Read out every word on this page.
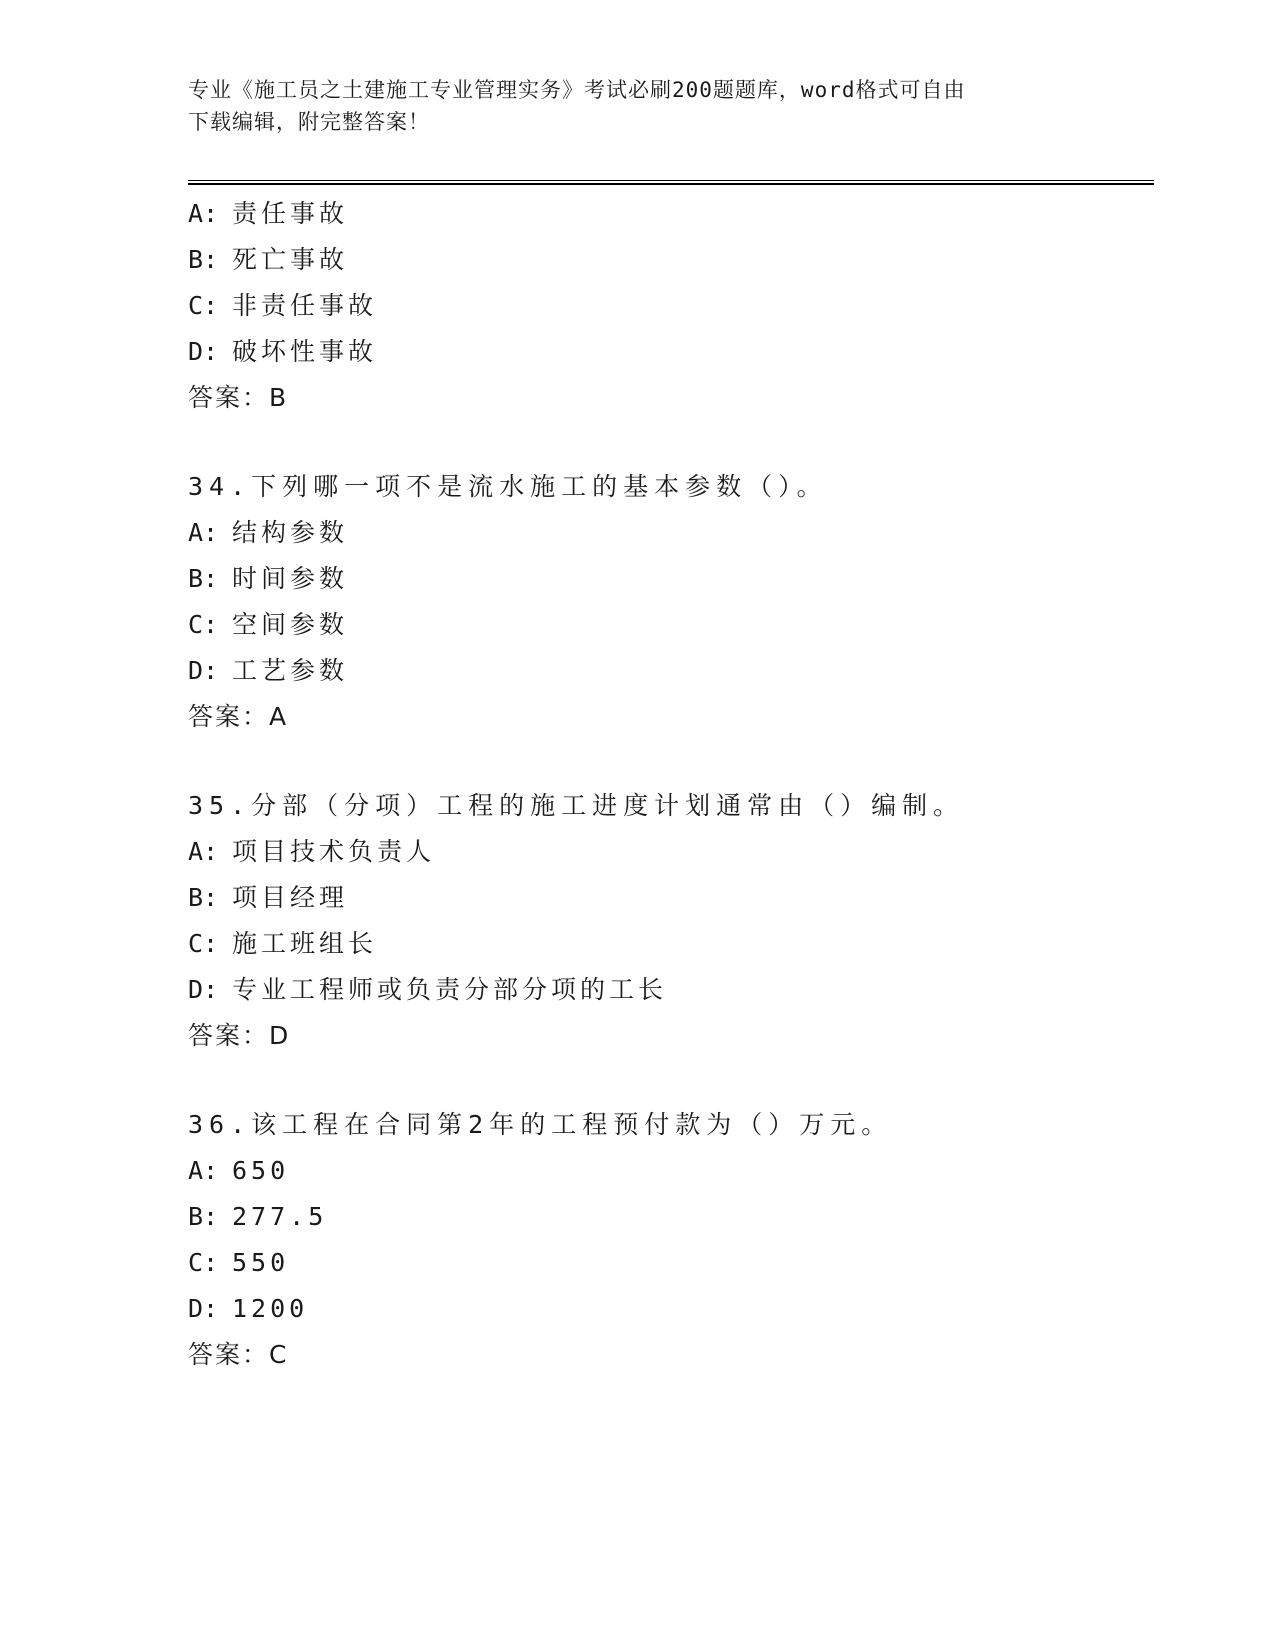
专业《施工员之土建施工专业管理实务》考试必刷200题题库，word格式可自由
下载编辑，附完整答案！
A: 责任事故
B: 死亡事故
C: 非责任事故
D: 破坏性事故
答案：B
34.下列哪一项不是流水施工的基本参数（）。
A: 结构参数
B: 时间参数
C: 空间参数
D: 工艺参数
答案：A
35.分部（分项）工程的施工进度计划通常由（）编制。
A: 项目技术负责人
B: 项目经理
C: 施工班组长
D: 专业工程师或负责分部分项的工长
答案：D
36.该工程在合同第2年的工程预付款为（）万元。
A: 650
B: 277.5
C: 550
D: 1200
答案：C
